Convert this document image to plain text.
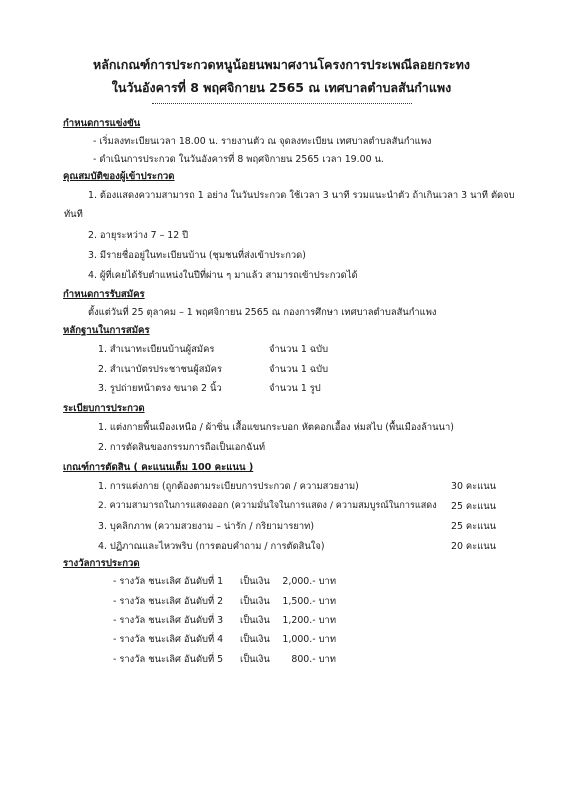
หลักเกณฑ์การประกวดหนูน้อยนพมาศงานโครงการประเพณีลอยกระทง
ในวันอังคารที่ 8 พฤศจิกายน 2565 ณ เทศบาลตำบลสันกำแพง
กำหนดการแข่งขัน
- เริ่มลงทะเบียนเวลา 18.00 น. รายงานตัว ณ จุดลงทะเบียน เทศบาลตำบลสันกำแพง
- ดำเนินการประกวด ในวันอังคารที่ 8 พฤศจิกายน 2565 เวลา 19.00 น.
คุณสมบัติของผู้เข้าประกวด
1. ต้องแสดงความสามารถ 1 อย่าง ในวันประกวด ใช้เวลา 3 นาที รวมแนะนำตัว ถ้าเกินเวลา 3 นาที ตัดจบ
ทันที
2. อายุระหว่าง 7 – 12 ปี
3. มีรายชื่ออยู่ในทะเบียนบ้าน (ชุมชนที่ส่งเข้าประกวด)
4. ผู้ที่เคยได้รับตำแหน่งในปีที่ผ่าน ๆ มาแล้ว สามารถเข้าประกวดได้
กำหนดการรับสมัคร
ตั้งแต่วันที่ 25 ตุลาคม – 1 พฤศจิกายน 2565 ณ กองการศึกษา เทศบาลตำบลสันกำแพง
หลักฐานในการสมัคร
1. สำเนาทะเบียนบ้านผู้สมัคร	จำนวน 1 ฉบับ
2. สำเนาบัตรประชาชนผู้สมัคร	จำนวน 1 ฉบับ
3. รูปถ่ายหน้าตรง ขนาด 2 นิ้ว	จำนวน 1 รูป
ระเบียบการประกวด
1. แต่งกายพื้นเมืองเหนือ / ผ้าซิ่น เสื้อแขนกระบอก หัตคอกเอื้อง ห่มสไบ (พื้นเมืองล้านนา)
2. การตัดสินของกรรมการถือเป็นเอกฉันท์
เกณฑ์การตัดสิน ( คะแนนเต็ม 100 คะแนน )
1. การแต่งกาย (ถูกต้องตามระเบียบการประกวด / ความสวยงาม)	30 คะแนน
2. ความสามารถในการแสดงออก (ความมั่นใจในการแสดง / ความสมบูรณ์ในการแสดง 25 คะแนน
3. บุคลิกภาพ (ความสวยงาม – น่ารัก / กริยามารยาท)	25 คะแนน
4. ปฏิภาณและไหวพริบ (การตอบคำถาม / การตัดสินใจ)	20 คะแนน
รางวัลการประกวด
- รางวัล ชนะเลิศ อันดับที่ 1 เป็นเงิน 2,000.- บาท
- รางวัล ชนะเลิศ อันดับที่ 2 เป็นเงิน 1,500.- บาท
- รางวัล ชนะเลิศ อันดับที่ 3 เป็นเงิน 1,200.- บาท
- รางวัล ชนะเลิศ อันดับที่ 4 เป็นเงิน 1,000.- บาท
- รางวัล ชนะเลิศ อันดับที่ 5 เป็นเงิน 800.- บาท
